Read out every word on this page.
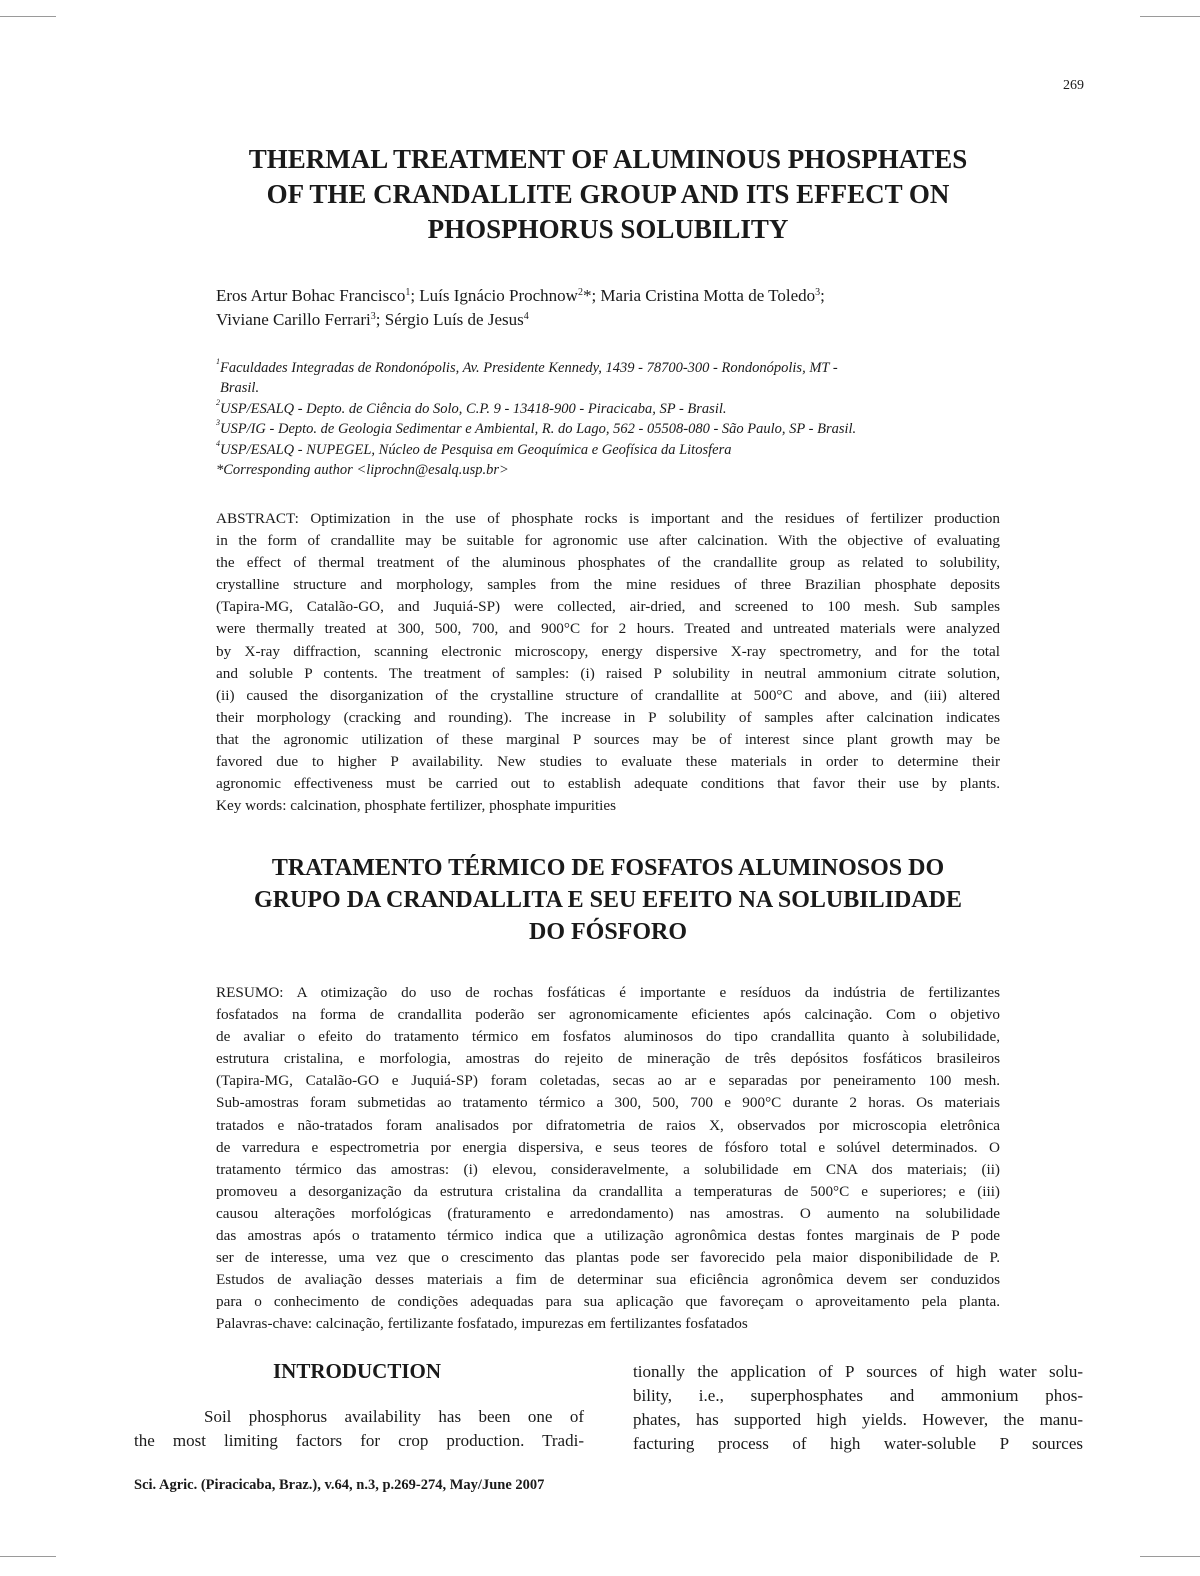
269
THERMAL TREATMENT OF ALUMINOUS PHOSPHATES
OF THE CRANDALLITE GROUP AND ITS EFFECT ON
PHOSPHORUS SOLUBILITY
Eros Artur Bohac Francisco$^1$; Luís Ignácio Prochnow$^2$*; Maria Cristina Motta de Toledo$^3$;
Viviane Carillo Ferrari$^3$; Sérgio Luís de Jesus$^4$
$^1$Faculdades Integradas de Rondonópolis, Av. Presidente Kennedy, 1439 - 78700-300 - Rondonópolis, MT -
Brasil.
$^2$USP/ESALQ - Depto. de Ciência do Solo, C.P. 9 - 13418-900 - Piracicaba, SP - Brasil.
$^3$USP/IG - Depto. de Geologia Sedimentar e Ambiental, R. do Lago, 562 - 05508-080 - São Paulo, SP - Brasil.
$^4$USP/ESALQ - NUPEGEL, Núcleo de Pesquisa em Geoquímica e Geofísica da Litosfera
*Corresponding author <liprochn@esalq.usp.br>
ABSTRACT: Optimization in the use of phosphate rocks is important and the residues of fertilizer production
in the form of crandallite may be suitable for agronomic use after calcination. With the objective of evaluating
the effect of thermal treatment of the aluminous phosphates of the crandallite group as related to solubility,
crystalline structure and morphology, samples from the mine residues of three Brazilian phosphate deposits
(Tapira-MG, Catalão-GO, and Juquiá-SP) were collected, air-dried, and screened to 100 mesh. Sub samples
were thermally treated at 300, 500, 700, and 900°C for 2 hours. Treated and untreated materials were analyzed
by X-ray diffraction, scanning electronic microscopy, energy dispersive X-ray spectrometry, and for the total
and soluble P contents. The treatment of samples: (i) raised P solubility in neutral ammonium citrate solution,
(ii) caused the disorganization of the crystalline structure of crandallite at 500°C and above, and (iii) altered
their morphology (cracking and rounding). The increase in P solubility of samples after calcination indicates
that the agronomic utilization of these marginal P sources may be of interest since plant growth may be
favored due to higher P availability. New studies to evaluate these materials in order to determine their
agronomic effectiveness must be carried out to establish adequate conditions that favor their use by plants.
Key words: calcination, phosphate fertilizer, phosphate impurities
TRATAMENTO TÉRMICO DE FOSFATOS ALUMINOSOS DO
GRUPO DA CRANDALLITA E SEU EFEITO NA SOLUBILIDADE
DO FÓSFORO
RESUMO: A otimização do uso de rochas fosfáticas é importante e resíduos da indústria de fertilizantes
fosfatados na forma de crandallita poderão ser agronomicamente eficientes após calcinação. Com o objetivo
de avaliar o efeito do tratamento térmico em fosfatos aluminosos do tipo crandallita quanto à solubilidade,
estrutura cristalina, e morfologia, amostras do rejeito de mineração de três depósitos fosfáticos brasileiros
(Tapira-MG, Catalão-GO e Juquiá-SP) foram coletadas, secas ao ar e separadas por peneiramento 100 mesh.
Sub-amostras foram submetidas ao tratamento térmico a 300, 500, 700 e 900°C durante 2 horas. Os materiais
tratados e não-tratados foram analisados por difratometria de raios X, observados por microscopia eletrônica
de varredura e espectrometria por energia dispersiva, e seus teores de fósforo total e solúvel determinados. O
tratamento térmico das amostras: (i) elevou, consideravelmente, a solubilidade em CNA dos materiais; (ii)
promoveu a desorganização da estrutura cristalina da crandallita a temperaturas de 500°C e superiores; e (iii)
causou alterações morfológicas (fraturamento e arredondamento) nas amostras. O aumento na solubilidade
das amostras após o tratamento térmico indica que a utilização agronômica destas fontes marginais de P pode
ser de interesse, uma vez que o crescimento das plantas pode ser favorecido pela maior disponibilidade de P.
Estudos de avaliação desses materiais a fim de determinar sua eficiência agronômica devem ser conduzidos
para o conhecimento de condições adequadas para sua aplicação que favoreçam o aproveitamento pela planta.
Palavras-chave: calcinação, fertilizante fosfatado, impurezas em fertilizantes fosfatados
INTRODUCTION
Soil phosphorus availability has been one of
the most limiting factors for crop production. Tradi-
tionally the application of P sources of high water solu-
bility, i.e., superphosphates and ammonium phos-
phates, has supported high yields. However, the manu-
facturing process of high water-soluble P sources
Sci. Agric. (Piracicaba, Braz.), v.64, n.3, p.269-274, May/June 2007
